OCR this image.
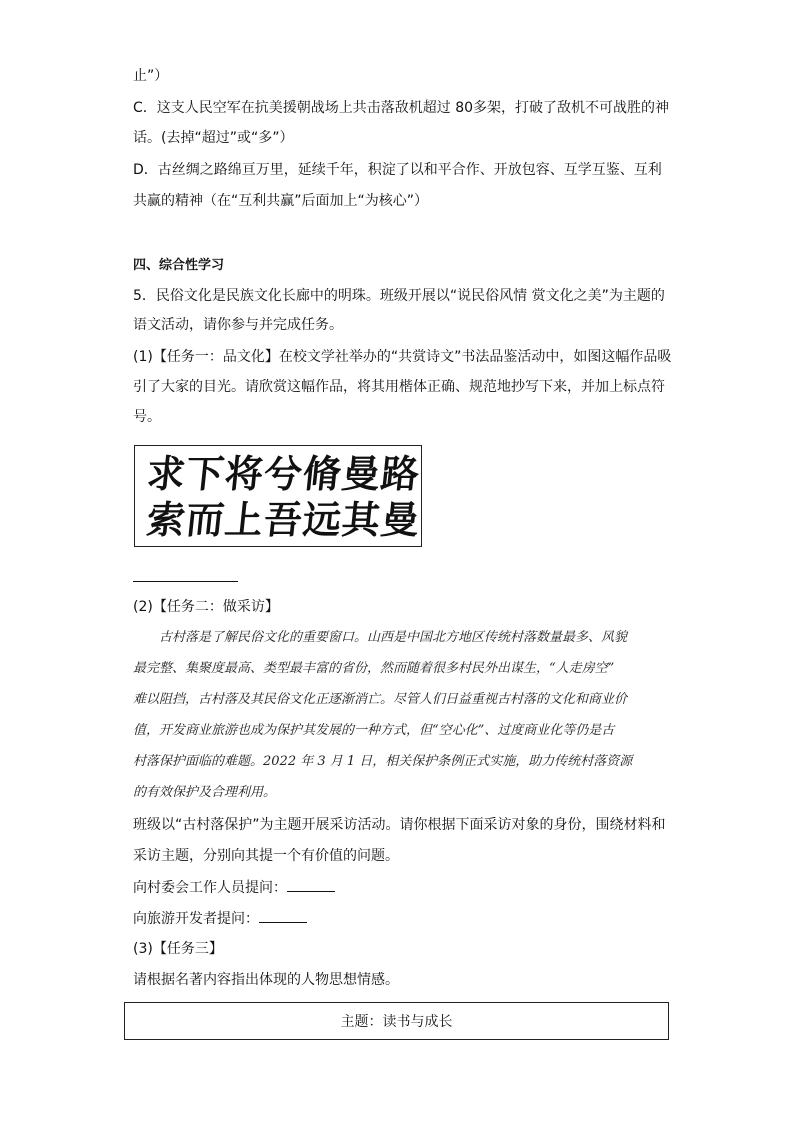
止”）
C．这支人民空军在抗美援朝战场上共击落敌机超过 80多架，打破了敌机不可战胜的神
话。(去掉“超过”或“多”）
D．古丝绸之路绵亘万里，延续千年，积淀了以和平合作、开放包容、互学互鉴、互利
共赢的精神（在“互利共赢”后面加上“为核心”）
四、综合性学习
5．民俗文化是民族文化长廊中的明珠。班级开展以“说民俗风情 赏文化之美”为主题的
语文活动，请你参与并完成任务。
(1)【任务一：品文化】在校文学社举办的“共赏诗文”书法品鉴活动中，如图这幅作品吸
引了大家的目光。请欣赏这幅作品，将其用楷体正确、规范地抄写下来，并加上标点符
号。
求下将兮脩曼路
索而上吾远其曼
(2)【任务二：做采访】
　　古村落是了解民俗文化的重要窗口。山西是中国北方地区传统村落数量最多、风貌
最完整、集聚度最高、类型最丰富的省份，然而随着很多村民外出谋生，“人走房空”
难以阻挡，古村落及其民俗文化正逐渐消亡。尽管人们日益重视古村落的文化和商业价
值，开发商业旅游也成为保护其发展的一种方式，但“空心化”、过度商业化等仍是古
村落保护面临的难题。2022 年 3 月 1 日，相关保护条例正式实施，助力传统村落资源
的有效保护及合理利用。
班级以“古村落保护”为主题开展采访活动。请你根据下面采访对象的身份，围绕材料和
采访主题，分别向其提一个有价值的问题。
向村委会工作人员提问：
向旅游开发者提问：
(3)【任务三】
请根据名著内容指出体现的人物思想情感。
主题：读书与成长
